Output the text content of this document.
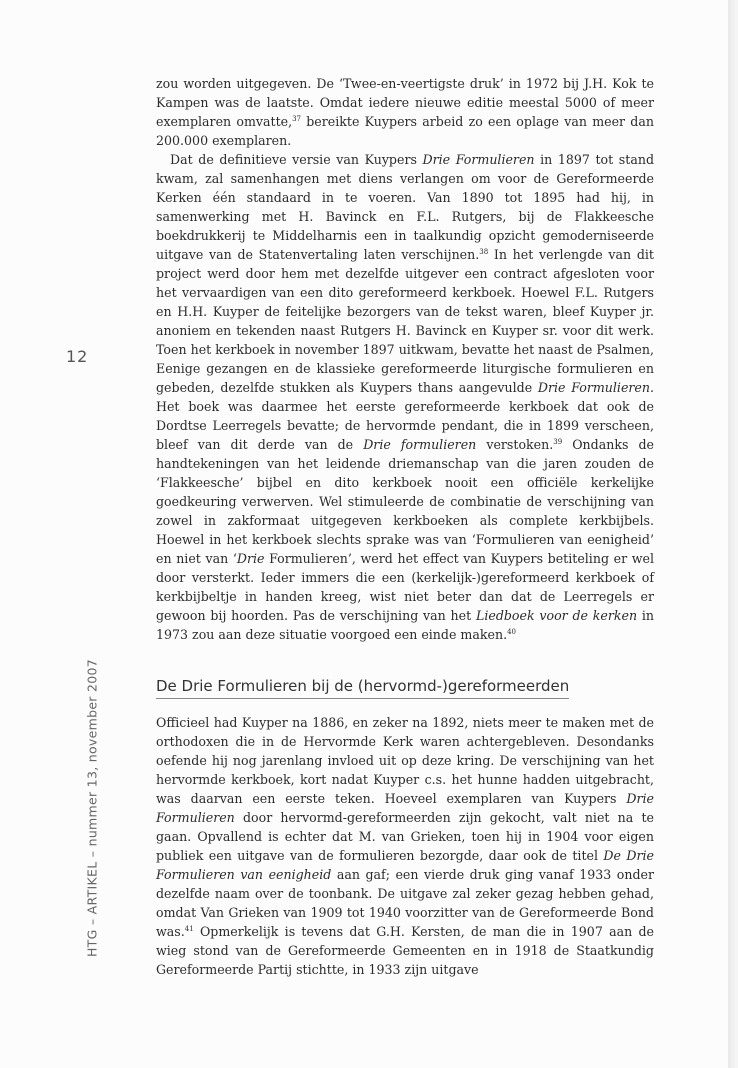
12
HTG – ARTIKEL – nummer 13, november 2007

zou worden uitgegeven. De ‘Twee-en-veertigste druk’ in 1972 bij J.H. Kok te Kampen was de laatste. Omdat iedere nieuwe editie meestal 5000 of meer exemplaren omvatte,$^{37}$ bereikte Kuypers arbeid zo een oplage van meer dan 200.000 exemplaren.

Dat de definitieve versie van Kuypers Drie Formulieren in 1897 tot stand kwam, zal samenhangen met diens verlangen om voor de Gereformeerde Kerken één standaard in te voeren. Van 1890 tot 1895 had hij, in samenwerking met H. Bavinck en F.L. Rutgers, bij de Flakkeesche boekdrukkerij te Middelharnis een in taalkundig opzicht gemoderniseerde uitgave van de Statenvertaling laten verschijnen.$^{38}$ In het verlengde van dit project werd door hem met dezelfde uitgever een contract afgesloten voor het vervaardigen van een dito gereformeerd kerkboek. Hoewel F.L. Rutgers en H.H. Kuyper de feitelijke bezorgers van de tekst waren, bleef Kuyper jr. anoniem en tekenden naast Rutgers H. Bavinck en Kuyper sr. voor dit werk. Toen het kerkboek in november 1897 uitkwam, bevatte het naast de Psalmen, Eenige gezangen en de klassieke gereformeerde liturgische formulieren en gebeden, dezelfde stukken als Kuypers thans aangevulde Drie Formulieren. Het boek was daarmee het eerste gereformeerde kerkboek dat ook de Dordtse Leerregels bevatte; de hervormde pendant, die in 1899 verscheen, bleef van dit derde van de Drie formulieren verstoken.$^{39}$ Ondanks de handtekeningen van het leidende driemanschap van die jaren zouden de ‘Flakkeesche’ bijbel en dito kerkboek nooit een officiële kerkelijke goedkeuring verwerven. Wel stimuleerde de combinatie de verschijning van zowel in zakformaat uitgegeven kerkboeken als complete kerkbijbels. Hoewel in het kerkboek slechts sprake was van ‘Formulieren van eenigheid’ en niet van ‘Drie Formulieren’, werd het effect van Kuypers betiteling er wel door versterkt. Ieder immers die een (kerkelijk-)gereformeerd kerkboek of kerkbijbeltje in handen kreeg, wist niet beter dan dat de Leerregels er gewoon bij hoorden. Pas de verschijning van het Liedboek voor de kerken in 1973 zou aan deze situatie voorgoed een einde maken.$^{40}$

De Drie Formulieren bij de (hervormd-)gereformeerden

Officieel had Kuyper na 1886, en zeker na 1892, niets meer te maken met de orthodoxen die in de Hervormde Kerk waren achtergebleven. Desondanks oefende hij nog jarenlang invloed uit op deze kring. De verschijning van het hervormde kerkboek, kort nadat Kuyper c.s. het hunne hadden uitgebracht, was daarvan een eerste teken. Hoeveel exemplaren van Kuypers Drie Formulieren door hervormd-gereformeerden zijn gekocht, valt niet na te gaan. Opvallend is echter dat M. van Grieken, toen hij in 1904 voor eigen publiek een uitgave van de formulieren bezorgde, daar ook de titel De Drie Formulieren van eenigheid aan gaf; een vierde druk ging vanaf 1933 onder dezelfde naam over de toonbank. De uitgave zal zeker gezag hebben gehad, omdat Van Grieken van 1909 tot 1940 voorzitter van de Gereformeerde Bond was.$^{41}$ Opmerkelijk is tevens dat G.H. Kersten, de man die in 1907 aan de wieg stond van de Gereformeerde Gemeenten en in 1918 de Staatkundig Gereformeerde Partij stichtte, in 1933 zijn uitgave
